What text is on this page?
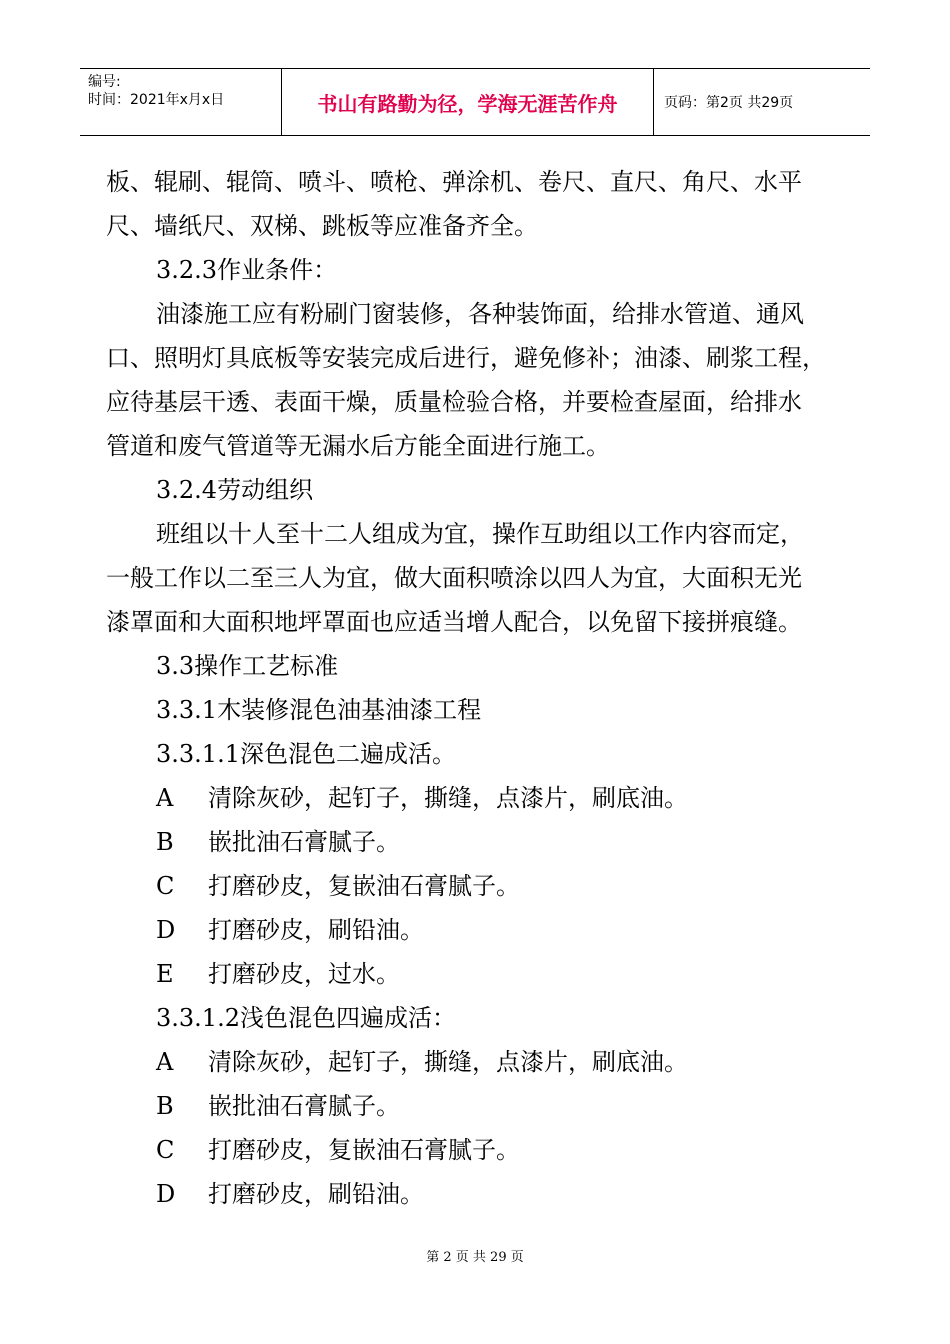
编号:
时间：2021年x月x日	书山有路勤为径，学海无涯苦作舟	页码：第2页 共29页
板、辊刷、辊筒、喷斗、喷枪、弹涂机、卷尺、直尺、角尺、水平
尺、墙纸尺、双梯、跳板等应准备齐全。
3.2.3作业条件：
油漆施工应有粉刷门窗装修，各种装饰面，给排水管道、通风
口、照明灯具底板等安装完成后进行，避免修补；油漆、刷浆工程，
应待基层干透、表面干燥，质量检验合格，并要检查屋面，给排水
管道和废气管道等无漏水后方能全面进行施工。
3.2.4劳动组织
班组以十人至十二人组成为宜，操作互助组以工作内容而定，
一般工作以二至三人为宜，做大面积喷涂以四人为宜，大面积无光
漆罩面和大面积地坪罩面也应适当增人配合，以免留下接拼痕缝。
3.3操作工艺标准
3.3.1木装修混色油基油漆工程
3.3.1.1深色混色二遍成活。
A 清除灰砂，起钉子，撕缝，点漆片，刷底油。
B 嵌批油石膏腻子。
C 打磨砂皮，复嵌油石膏腻子。
D 打磨砂皮，刷铅油。
E 打磨砂皮，过水。
3.3.1.2浅色混色四遍成活：
A 清除灰砂，起钉子，撕缝，点漆片，刷底油。
B 嵌批油石膏腻子。
C 打磨砂皮，复嵌油石膏腻子。
D 打磨砂皮，刷铅油。
第 2 页 共 29 页
